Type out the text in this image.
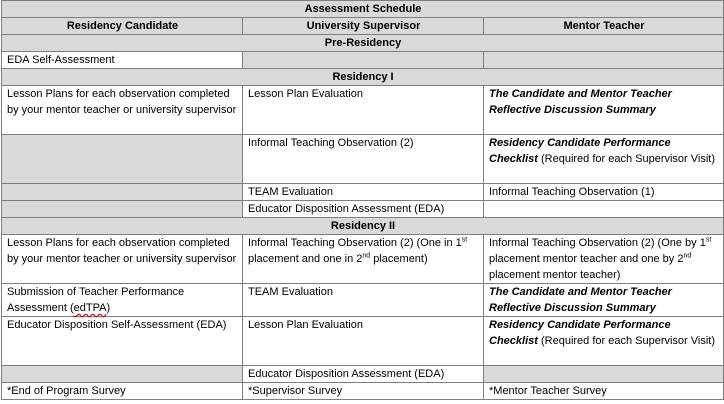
Assessment Schedule		
Residency Candidate	University Supervisor	Mentor Teacher
Pre-Residency		
EDA Self-Assessment		
Residency I		
Lesson Plans for each observation completed by your mentor teacher or university supervisor	Lesson Plan Evaluation	The Candidate and Mentor Teacher Reflective Discussion Summary
	Informal Teaching Observation (2)	Residency Candidate Performance Checklist (Required for each Supervisor Visit)
	TEAM Evaluation	Informal Teaching Observation (1)
	Educator Disposition Assessment (EDA)	
Residency II		
Lesson Plans for each observation completed by your mentor teacher or university supervisor	Informal Teaching Observation (2) (One in 1st placement and one in 2nd placement)	Informal Teaching Observation (2) (One by 1st placement mentor teacher and one by 2nd placement mentor teacher)
Submission of Teacher Performance Assessment (edTPA)	TEAM Evaluation	The Candidate and Mentor Teacher Reflective Discussion Summary
Educator Disposition Self-Assessment (EDA)	Lesson Plan Evaluation	Residency Candidate Performance Checklist (Required for each Supervisor Visit)
	Educator Disposition Assessment (EDA)	
*End of Program Survey	*Supervisor Survey	*Mentor Teacher Survey
